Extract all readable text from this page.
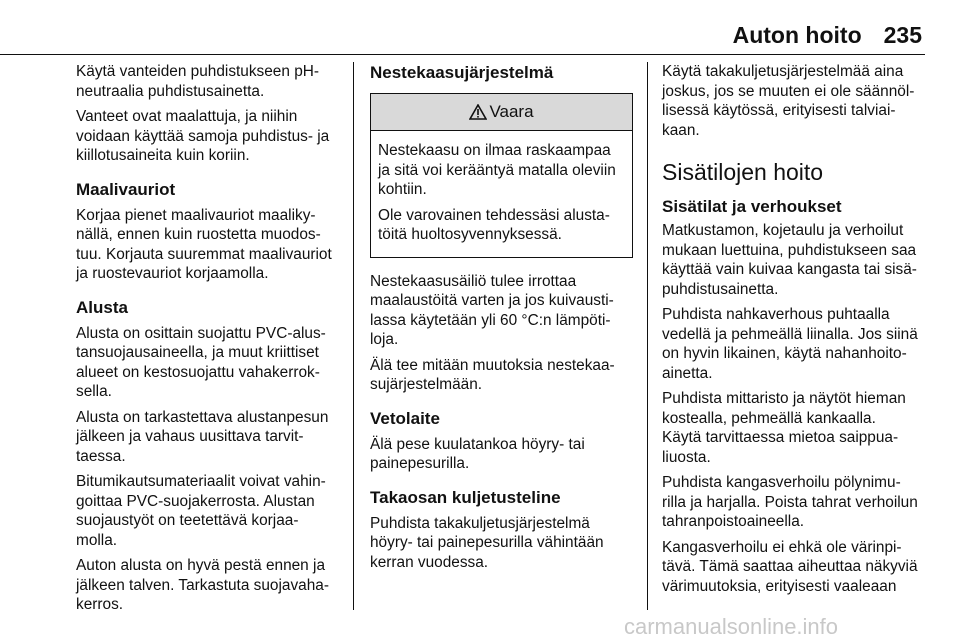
Auton hoito 235

Käytä vanteiden puhdistukseen pH-
neutraalia puhdistusainetta.

Vanteet ovat maalattuja, ja niihin
voidaan käyttää samoja puhdistus- ja
kiillotusaineita kuin koriin.

Maalivauriot

Korjaa pienet maalivauriot maaliky-
nällä, ennen kuin ruostetta muodos-
tuu. Korjauta suuremmat maalivauriot
ja ruostevauriot korjaamolla.

Alusta

Alusta on osittain suojattu PVC-alus-
tansuojausaineella, ja muut kriittiset
alueet on kestosuojattu vahakerrok-
sella.

Alusta on tarkastettava alustanpesun
jälkeen ja vahaus uusittava tarvit-
taessa.

Bitumikautsumateriaalit voivat vahin-
goittaa PVC-suojakerrosta. Alustan
suojaustyöt on teetettävä korjaa-
molla.

Auton alusta on hyvä pestä ennen ja
jälkeen talven. Tarkastuta suojavaha-
kerros.

Nestekaasujärjestelmä
Vaara

Nestekaasu on ilmaa raskaampaa
ja sitä voi kerääntyä matalla oleviin
kohtiin.

Ole varovainen tehdessäsi alusta-
töitä huoltosyvennyksessä.

Nestekaasusäiliö tulee irrottaa
maalaustöitä varten ja jos kuivausti-
lassa käytetään yli 60 °C:n lämpöti-
loja.

Älä tee mitään muutoksia nestekaa-
sujärjestelmään.

Vetolaite

Älä pese kuulatankoa höyry- tai
painepesurilla.

Takaosan kuljetusteline

Puhdista takakuljetusjärjestelmä
höyry- tai painepesurilla vähintään
kerran vuodessa.

Käytä takakuljetusjärjestelmää aina
joskus, jos se muuten ei ole säännöl-
lisessä käytössä, erityisesti talviai-
kaan.

Sisätilojen hoito
Sisätilat ja verhoukset

Matkustamon, kojetaulu ja verhoilut
mukaan luettuina, puhdistukseen saa
käyttää vain kuivaa kangasta tai sisä-
puhdistusainetta.

Puhdista nahkaverhous puhtaalla
vedellä ja pehmeällä liinalla. Jos siinä
on hyvin likainen, käytä nahanhoito-
ainetta.

Puhdista mittaristo ja näytöt hieman
kostealla, pehmeällä kankaalla.
Käytä tarvittaessa mietoa saippua-
liuosta.

Puhdista kangasverhoilu pölynimu-
rilla ja harjalla. Poista tahrat verhoilun
tahranpoistoaineella.

Kangasverhoilu ei ehkä ole värinpi-
tävä. Tämä saattaa aiheuttaa näkyviä
värimuutoksia, erityisesti vaaleaan

carmanualsonline.info
